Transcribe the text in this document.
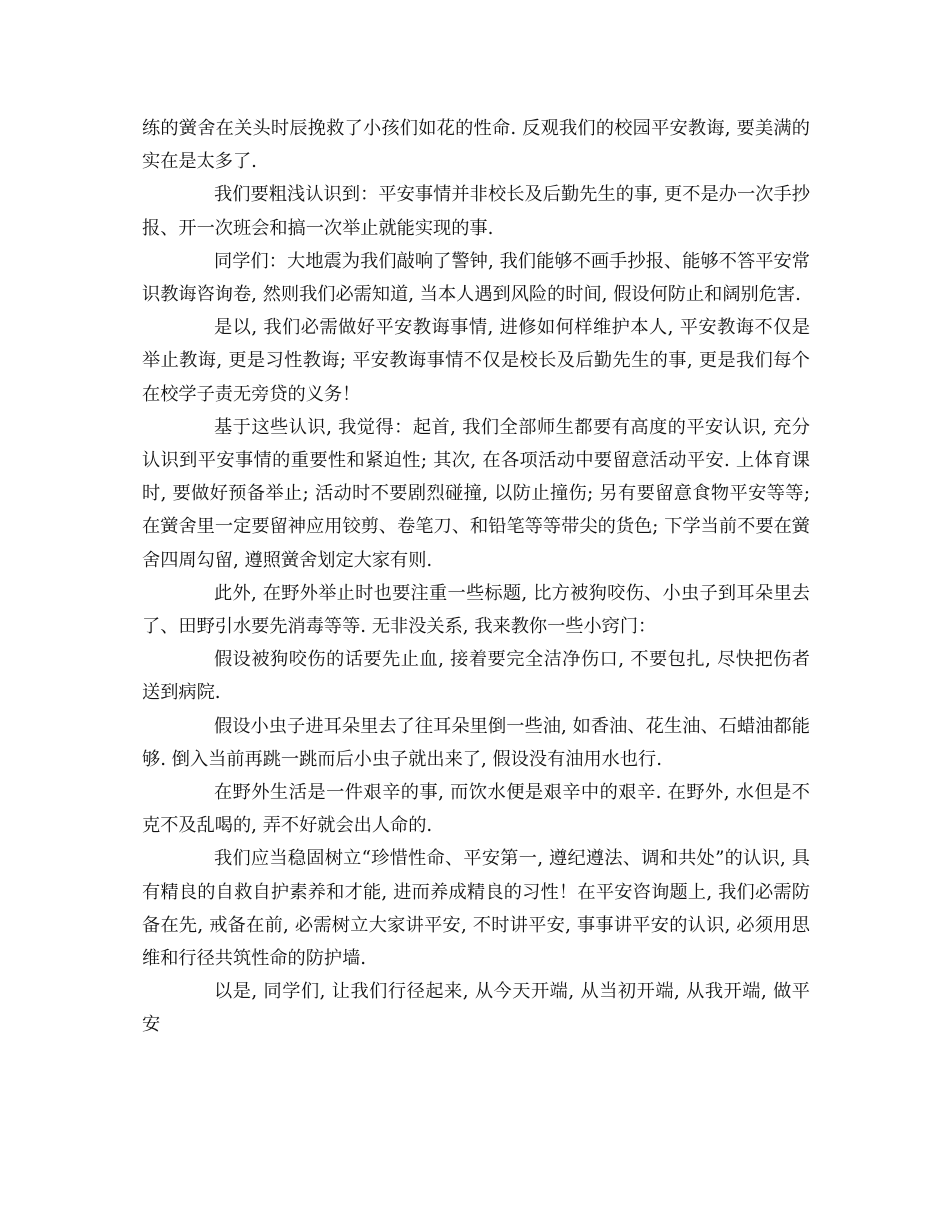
练的黉舍在关头时辰挽救了小孩们如花的性命. 反观我们的校园平安教诲, 要美满的实在是太多了.

我们要粗浅认识到：平安事情并非校长及后勤先生的事, 更不是办一次手抄报、开一次班会和搞一次举止就能实现的事.

同学们：大地震为我们敲响了警钟, 我们能够不画手抄报、能够不答平安常识教诲咨询卷, 然则我们必需知道, 当本人遇到风险的时间, 假设何防止和阔别危害.

是以, 我们必需做好平安教诲事情, 进修如何样维护本人, 平安教诲不仅是举止教诲, 更是习性教诲; 平安教诲事情不仅是校长及后勤先生的事, 更是我们每个在校学子责无旁贷的义务！

基于这些认识, 我觉得：起首, 我们全部师生都要有高度的平安认识, 充分认识到平安事情的重要性和紧迫性; 其次, 在各项活动中要留意活动平安. 上体育课时, 要做好预备举止; 活动时不要剧烈碰撞, 以防止撞伤; 另有要留意食物平安等等; 在黉舍里一定要留神应用铰剪、卷笔刀、和铅笔等等带尖的货色; 下学当前不要在黉舍四周勾留, 遵照黉舍划定大家有则.

此外, 在野外举止时也要注重一些标题, 比方被狗咬伤、小虫子到耳朵里去了、田野引水要先消毒等等. 无非没关系, 我来教你一些小窍门：

假设被狗咬伤的话要先止血, 接着要完全洁净伤口, 不要包扎, 尽快把伤者送到病院.

假设小虫子进耳朵里去了往耳朵里倒一些油, 如香油、花生油、石蜡油都能够. 倒入当前再跳一跳而后小虫子就出来了, 假设没有油用水也行.

在野外生活是一件艰辛的事, 而饮水便是艰辛中的艰辛. 在野外, 水但是不克不及乱喝的, 弄不好就会出人命的.

我们应当稳固树立“珍惜性命、平安第一, 遵纪遵法、调和共处”的认识, 具有精良的自救自护素养和才能, 进而养成精良的习性！在平安咨询题上, 我们必需防备在先, 戒备在前, 必需树立大家讲平安, 不时讲平安, 事事讲平安的认识, 必须用思维和行径共筑性命的防护墙.

以是, 同学们, 让我们行径起来, 从今天开端, 从当初开端, 从我开端, 做平安
